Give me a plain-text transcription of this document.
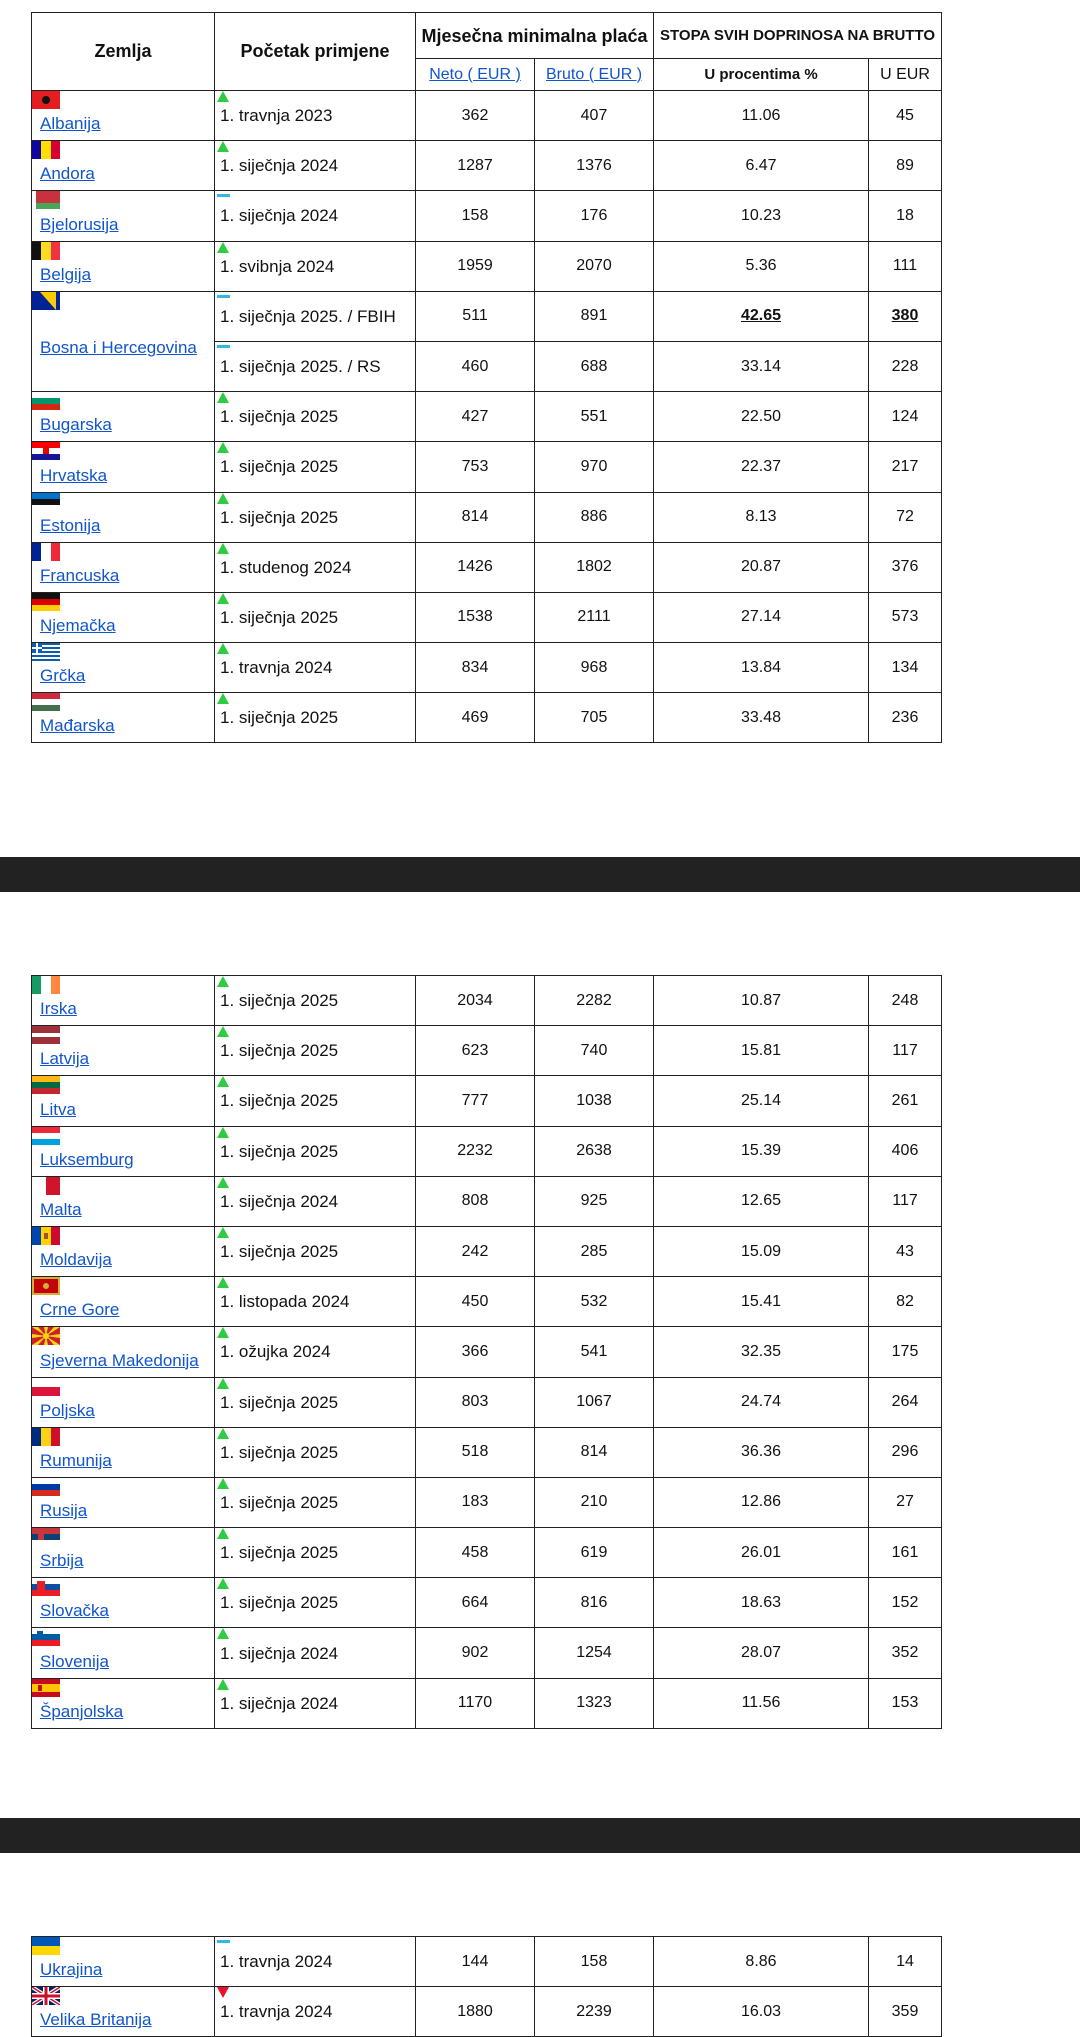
Zemlja	Početak primjene	Mjesečna minimalna plaća		STOPA SVIH DOPRINOSA NA BRUTTO	
		Neto ( EUR )	Bruto ( EUR )	U procentima %	U EUR

Albanija	1. travnja 2023	362	407	11.06	45

Andora	1. siječnja 2024	1287	1376	6.47	89

Bjelorusija	1. siječnja 2024	158	176	10.23	18

Belgija	1. svibnja 2024	1959	2070	5.36	111

Bosna i Hercegovina	1. siječnja 2025. / FBIH	511	891	42.65	380

	1. siječnja 2025. / RS	460	688	33.14	228

Bugarska	1. siječnja 2025	427	551	22.50	124

Hrvatska	1. siječnja 2025	753	970	22.37	217

Estonija	1. siječnja 2025	814	886	8.13	72

Francuska	1. studenog 2024	1426	1802	20.87	376

Njemačka	1. siječnja 2025	1538	2111	27.14	573

Grčka	1. travnja 2024	834	968	13.84	134

Mađarska	1. siječnja 2025	469	705	33.48	236
Irska	1. siječnja 2025	2034	2282	10.87	248

Latvija	1. siječnja 2025	623	740	15.81	117

Litva	1. siječnja 2025	777	1038	25.14	261

Luksemburg	1. siječnja 2025	2232	2638	15.39	406

Malta	1. siječnja 2024	808	925	12.65	117

Moldavija	1. siječnja 2025	242	285	15.09	43

Crne Gore	1. listopada 2024	450	532	15.41	82

Sjeverna Makedonija	1. ožujka 2024	366	541	32.35	175

Poljska	1. siječnja 2025	803	1067	24.74	264

Rumunija	1. siječnja 2025	518	814	36.36	296

Rusija	1. siječnja 2025	183	210	12.86	27

Srbija	1. siječnja 2025	458	619	26.01	161

Slovačka	1. siječnja 2025	664	816	18.63	152

Slovenija	1. siječnja 2024	902	1254	28.07	352

Španjolska	1. siječnja 2024	1170	1323	11.56	153
Ukrajina	1. travnja 2024	144	158	8.86	14

Velika Britanija	1. travnja 2024	1880	2239	16.03	359
